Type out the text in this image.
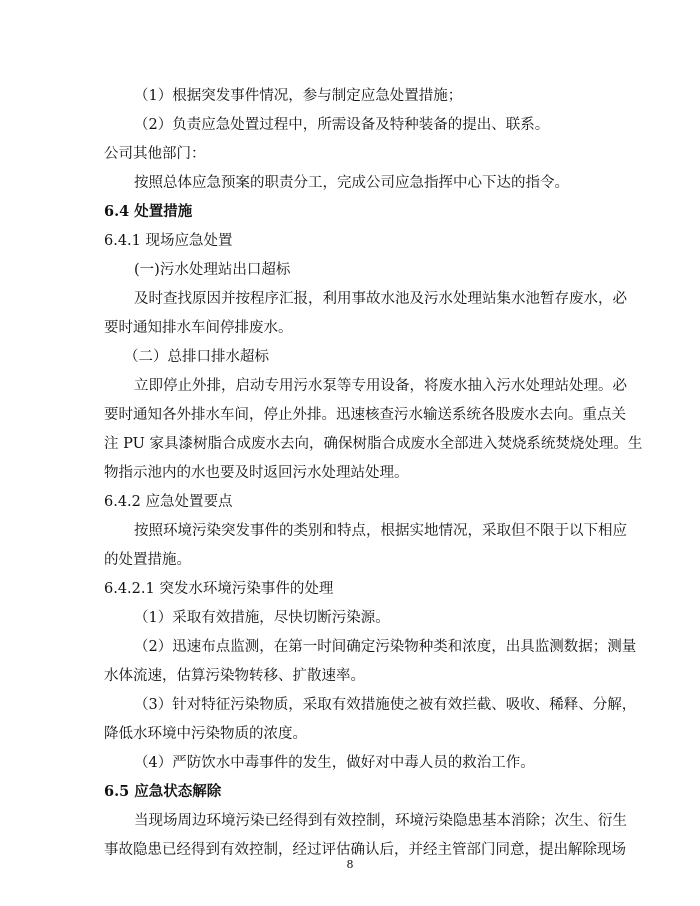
（1）根据突发事件情况，参与制定应急处置措施；
（2）负责应急处置过程中，所需设备及特种装备的提出、联系。
公司其他部门：
按照总体应急预案的职责分工，完成公司应急指挥中心下达的指令。
6.4 处置措施
6.4.1 现场应急处置
(一)污水处理站出口超标
及时查找原因并按程序汇报，利用事故水池及污水处理站集水池暂存废水，必
要时通知排水车间停排废水。
（二）总排口排水超标
立即停止外排，启动专用污水泵等专用设备，将废水抽入污水处理站处理。必
要时通知各外排水车间，停止外排。迅速核查污水输送系统各股废水去向。重点关
注 PU 家具漆树脂合成废水去向，确保树脂合成废水全部进入焚烧系统焚烧处理。生
物指示池内的水也要及时返回污水处理站处理。
6.4.2 应急处置要点
按照环境污染突发事件的类别和特点，根据实地情况，采取但不限于以下相应
的处置措施。
6.4.2.1 突发水环境污染事件的处理
（1）采取有效措施，尽快切断污染源。
（2）迅速布点监测，在第一时间确定污染物种类和浓度，出具监测数据；测量
水体流速，估算污染物转移、扩散速率。
（3）针对特征污染物质，采取有效措施使之被有效拦截、吸收、稀释、分解，
降低水环境中污染物质的浓度。
（4）严防饮水中毒事件的发生，做好对中毒人员的救治工作。
6.5 应急状态解除
当现场周边环境污染已经得到有效控制，环境污染隐患基本消除；次生、衍生
事故隐患已经得到有效控制，经过评估确认后，并经主管部门同意，提出解除现场
8
